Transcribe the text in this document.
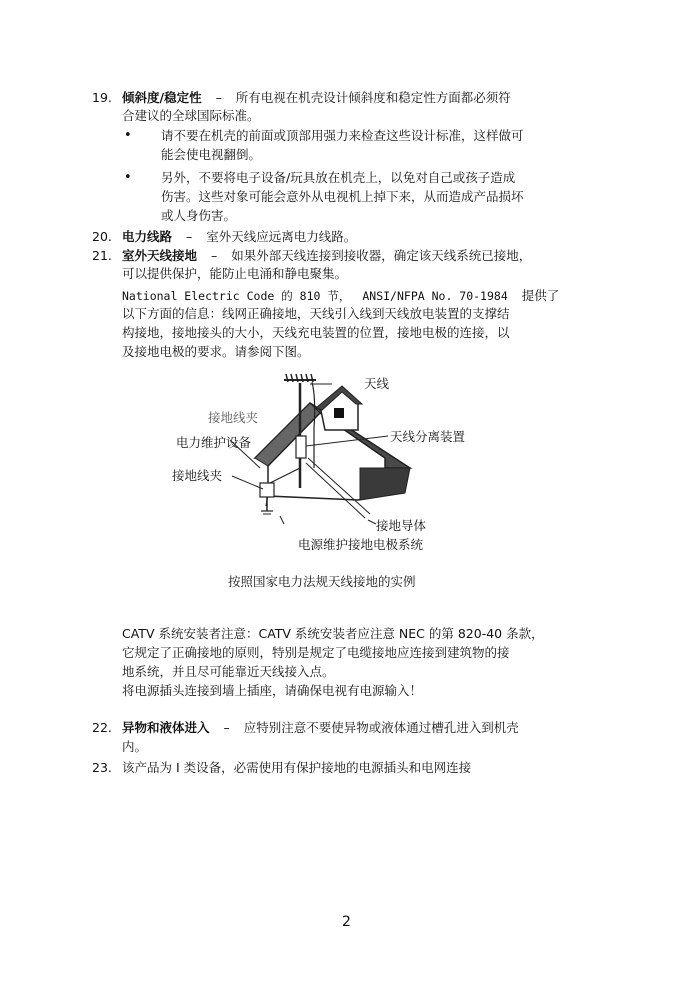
19. 倾斜度/稳定性 – 所有电视在机壳设计倾斜度和稳定性方面都必须符
合建议的全球国际标准。
• 请不要在机壳的前面或顶部用强力来检查这些设计标准，这样做可
能会使电视翻倒。
• 另外，不要将电子设备/玩具放在机壳上，以免对自己或孩子造成
伤害。这些对象可能会意外从电视机上掉下来，从而造成产品损坏
或人身伤害。
20. 电力线路 – 室外天线应远离电力线路。
21. 室外天线接地 – 如果外部天线连接到接收器，确定该天线系统已接地，
可以提供保护，能防止电涌和静电聚集。
National Electric Code 的 810 节， ANSI/NFPA No. 70-1984 提供了
以下方面的信息：线网正确接地，天线引入线到天线放电装置的支撑结
构接地，接地接头的大小，天线充电装置的位置，接地电极的连接，以
及接地电极的要求。请参阅下图。
天线
接地线夹
电力维护设备	天线分离装置
接地线夹
接地导体
电源维护接地电极系统
按照国家电力法规天线接地的实例
CATV 系统安装者注意：CATV 系统安装者应注意 NEC 的第 820-40 条款，
它规定了正确接地的原则，特别是规定了电缆接地应连接到建筑物的接
地系统，并且尽可能靠近天线接入点。
将电源插头连接到墙上插座，请确保电视有电源输入！
22. 异物和液体进入 – 应特别注意不要使异物或液体通过槽孔进入到机壳
内。
23. 该产品为 I 类设备，必需使用有保护接地的电源插头和电网连接
2
